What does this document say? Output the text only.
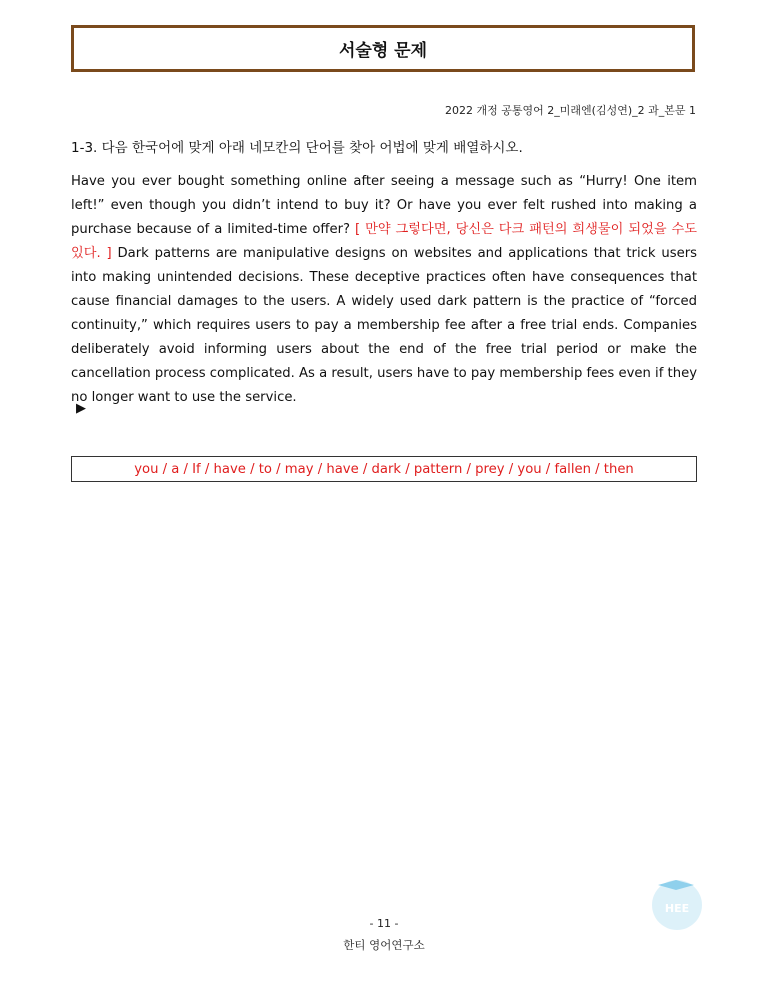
서술형 문제
2022 개정 공통영어 2_미래엔(김성연)_2 과_본문 1
1-3. 다음 한국어에 맞게 아래 네모칸의 단어를 찾아 어법에 맞게 배열하시오.
Have you ever bought something online after seeing a message such as “Hurry! One item left!” even though you didn’t intend to buy it? Or have you ever felt rushed into making a purchase because of a limited-time offer? [ 만약 그렇다면, 당신은 다크 패턴의 희생물이 되었을 수도 있다. ] Dark patterns are manipulative designs on websites and applications that trick users into making unintended decisions. These deceptive practices often have consequences that cause financial damages to the users. A widely used dark pattern is the practice of “forced continuity,” which requires users to pay a membership fee after a free trial ends. Companies deliberately avoid informing users about the end of the free trial period or make the cancellation process complicated. As a result, users have to pay membership fees even if they no longer want to use the service.
▶
you / a / If / have / to / may / have / dark / pattern / prey / you / fallen / then
HEE
- 11 -
한티 영어연구소
